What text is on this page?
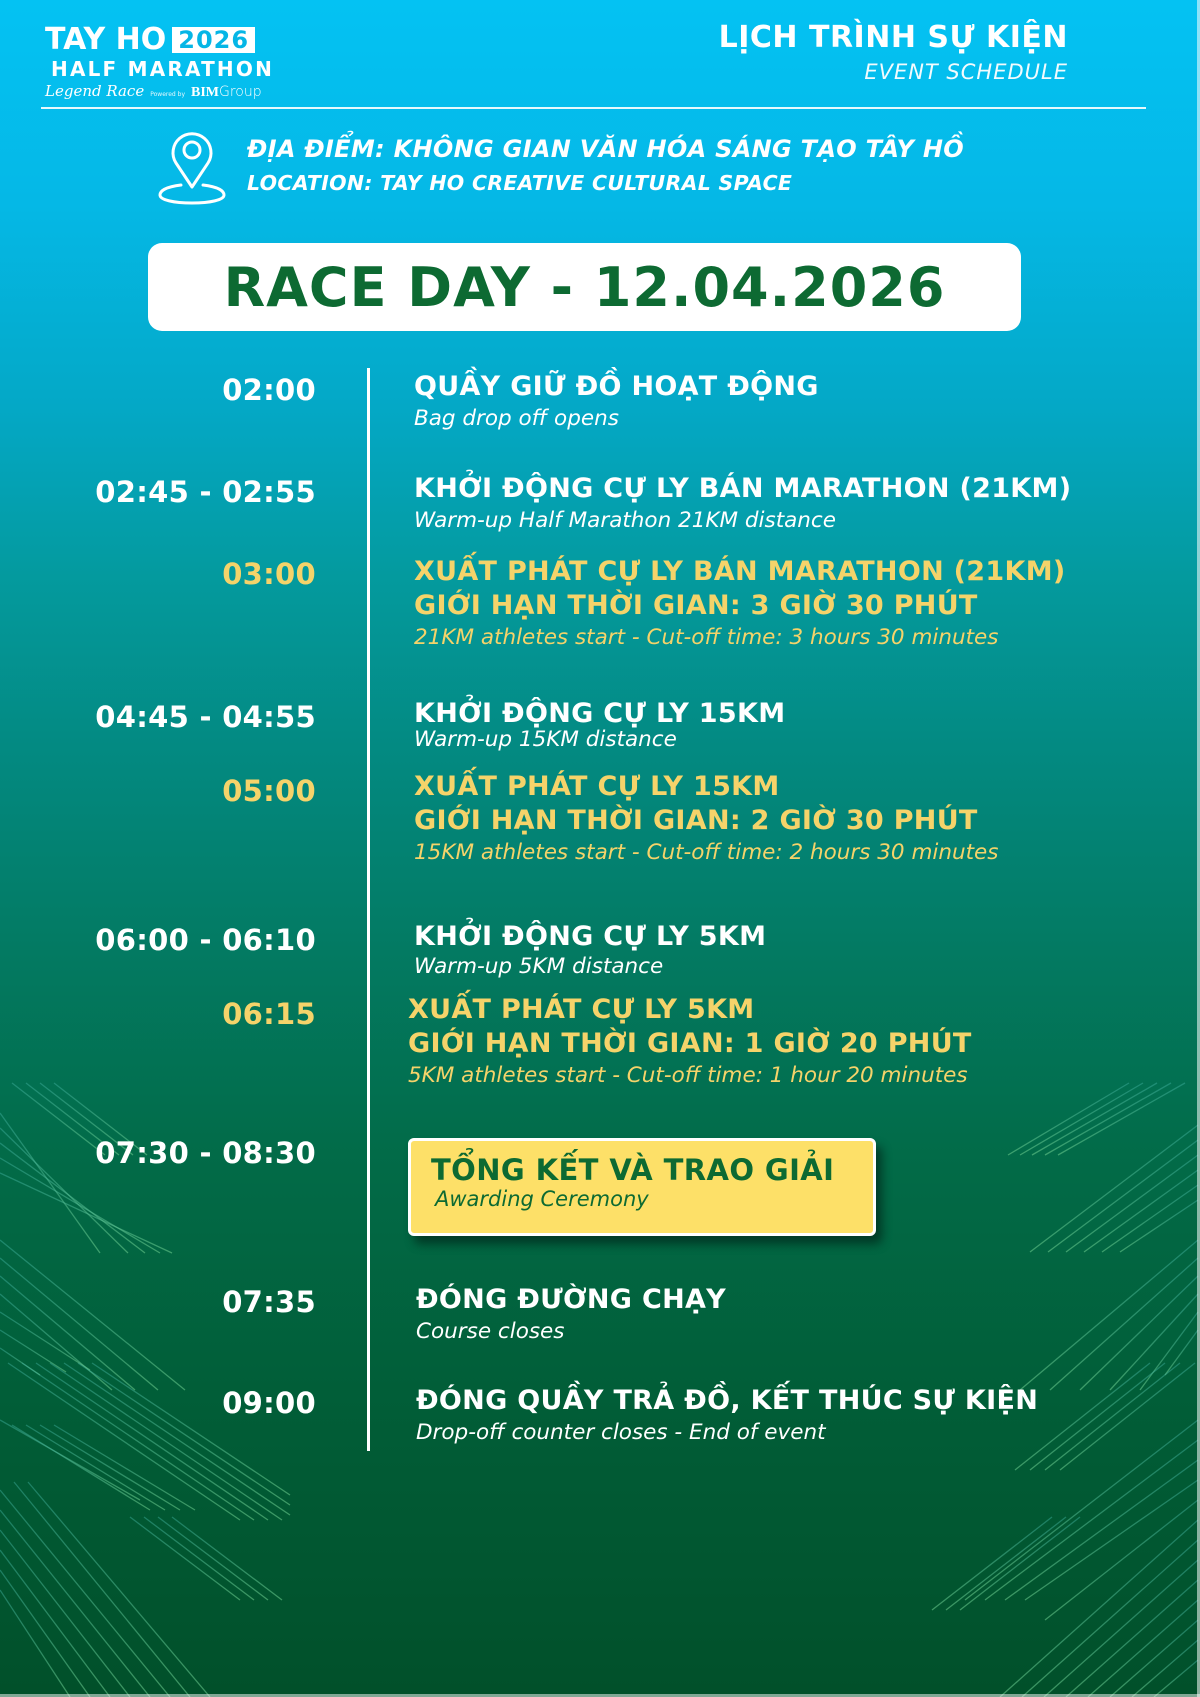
TAY HO 2026
HALF MARATHON
Legend Race Powered by BIMGroup
LỊCH TRÌNH SỰ KIỆN
EVENT SCHEDULE
ĐỊA ĐIỂM: KHÔNG GIAN VĂN HÓA SÁNG TẠO TÂY HỒ
LOCATION: TAY HO CREATIVE CULTURAL SPACE
RACE DAY - 12.04.2026
02:00	QUẦY GIỮ ĐỒ HOẠT ĐỘNG
Bag drop off opens
02:45 - 02:55	KHỞI ĐỘNG CỰ LY BÁN MARATHON (21KM)
Warm-up Half Marathon 21KM distance
03:00	XUẤT PHÁT CỰ LY BÁN MARATHON (21KM)
GIỚI HẠN THỜI GIAN: 3 GIỜ 30 PHÚT
21KM athletes start - Cut-off time: 3 hours 30 minutes
04:45 - 04:55	KHỞI ĐỘNG CỰ LY 15KM
Warm-up 15KM distance
05:00	XUẤT PHÁT CỰ LY 15KM
GIỚI HẠN THỜI GIAN: 2 GIỜ 30 PHÚT
15KM athletes start - Cut-off time: 2 hours 30 minutes
06:00 - 06:10	KHỞI ĐỘNG CỰ LY 5KM
Warm-up 5KM distance
06:15	XUẤT PHÁT CỰ LY 5KM
GIỚI HẠN THỜI GIAN: 1 GIỜ 20 PHÚT
5KM athletes start - Cut-off time: 1 hour 20 minutes
07:30 - 08:30	TỔNG KẾT VÀ TRAO GIẢI
Awarding Ceremony
07:35	ĐÓNG ĐƯỜNG CHẠY
Course closes
09:00	ĐÓNG QUẦY TRẢ ĐỒ, KẾT THÚC SỰ KIỆN
Drop-off counter closes - End of event
